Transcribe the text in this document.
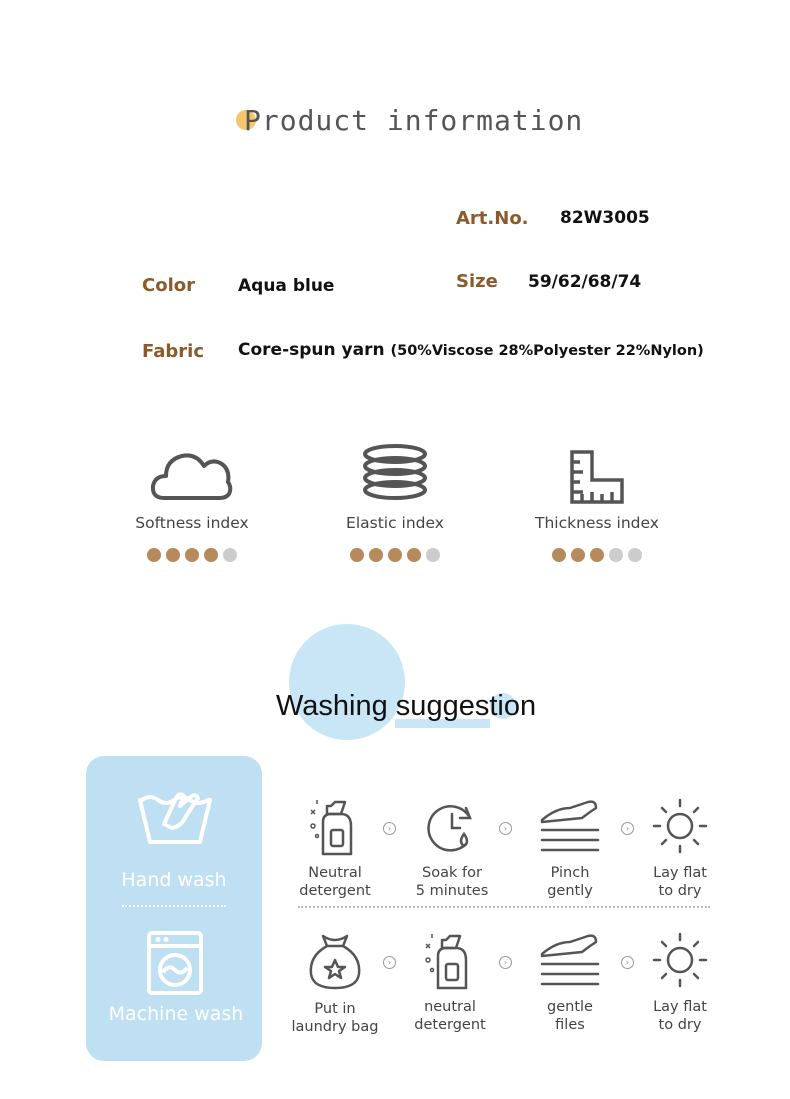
Product information
Art.No. 82W3005
Color	Aqua blue	Size 59/62/68/74
Fabric Core-spun yarn (50%Viscose 28%Polyester 22%Nylon)
Softness index	Elastic index	Thickness index
Washing suggestion
Hand wash
Machine wash
Neutral
detergent
›
Soak for
5 minutes
›
Pinch
gently
›
Lay flat
to dry
Put in
laundry bag
›
neutral
detergent
›
gentle
files
›
Lay flat
to dry
